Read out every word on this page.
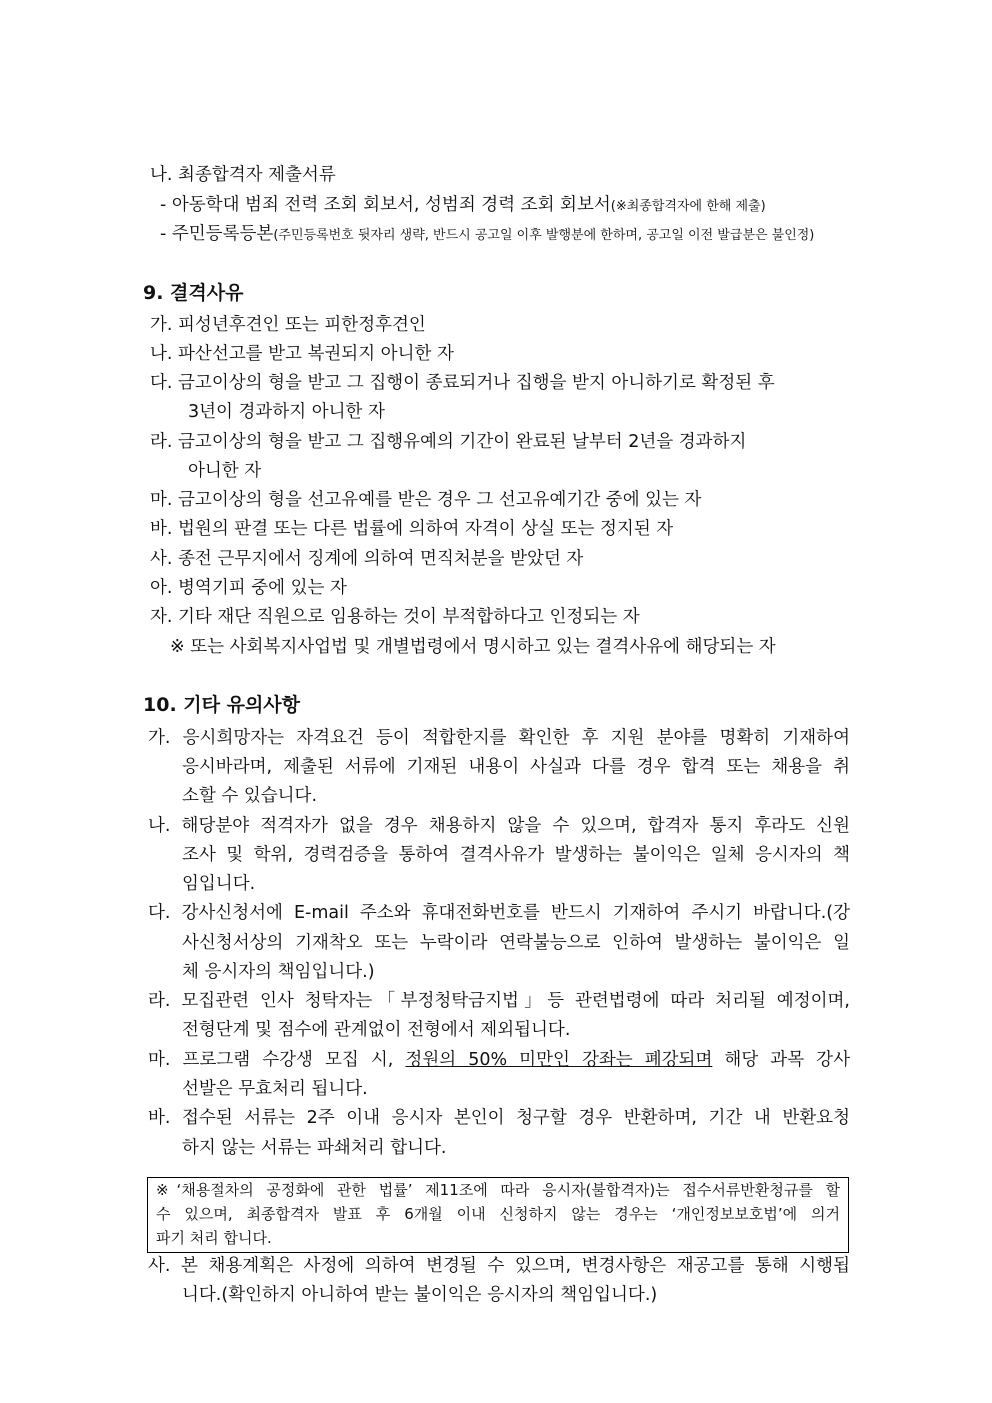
나. 최종합격자 제출서류
- 아동학대 범죄 전력 조회 회보서, 성범죄 경력 조회 회보서(※최종합격자에 한해 제출)
- 주민등록등본(주민등록번호 뒷자리 생략, 반드시 공고일 이후 발행분에 한하며, 공고일 이전 발급분은 불인정)
9. 결격사유
가. 피성년후견인 또는 피한정후견인
나. 파산선고를 받고 복권되지 아니한 자
다. 금고이상의 형을 받고 그 집행이 종료되거나 집행을 받지 아니하기로 확정된 후
3년이 경과하지 아니한 자
라. 금고이상의 형을 받고 그 집행유예의 기간이 완료된 날부터 2년을 경과하지
아니한 자
마. 금고이상의 형을 선고유예를 받은 경우 그 선고유예기간 중에 있는 자
바. 법원의 판결 또는 다른 법률에 의하여 자격이 상실 또는 정지된 자
사. 종전 근무지에서 징계에 의하여 면직처분을 받았던 자
아. 병역기피 중에 있는 자
자. 기타 재단 직원으로 임용하는 것이 부적합하다고 인정되는 자
※ 또는 사회복지사업법 및 개별법령에서 명시하고 있는 결격사유에 해당되는 자
10. 기타 유의사항
가. 응시희망자는 자격요건 등이 적합한지를 확인한 후 지원 분야를 명확히 기재하여
응시바라며, 제출된 서류에 기재된 내용이 사실과 다를 경우 합격 또는 채용을 취
소할 수 있습니다.
나. 해당분야 적격자가 없을 경우 채용하지 않을 수 있으며, 합격자 통지 후라도 신원
조사 및 학위, 경력검증을 통하여 결격사유가 발생하는 불이익은 일체 응시자의 책
임입니다.
다. 강사신청서에 E-mail 주소와 휴대전화번호를 반드시 기재하여 주시기 바랍니다.(강
사신청서상의 기재착오 또는 누락이라 연락불능으로 인하여 발생하는 불이익은 일
체 응시자의 책임입니다.)
라. 모집관련 인사 청탁자는「부정청탁금지법」등 관련법령에 따라 처리될 예정이며,
전형단계 및 점수에 관계없이 전형에서 제외됩니다.
마. 프로그램 수강생 모집 시, 정원의 50% 미만인 강좌는 폐강되며 해당 과목 강사
선발은 무효처리 됩니다.
바. 접수된 서류는 2주 이내 응시자 본인이 청구할 경우 반환하며, 기간 내 반환요청
하지 않는 서류는 파쇄처리 합니다.
※‘채용절차의 공정화에 관한 법률’ 제11조에 따라 응시자(불합격자)는 접수서류반환청규를 할
수 있으며, 최종합격자 발표 후 6개월 이내 신청하지 않는 경우는 ‘개인정보보호법’에 의거
파기 처리 합니다.
사. 본 채용계획은 사정에 의하여 변경될 수 있으며, 변경사항은 재공고를 통해 시행됩
니다.(확인하지 아니하여 받는 불이익은 응시자의 책임입니다.)
